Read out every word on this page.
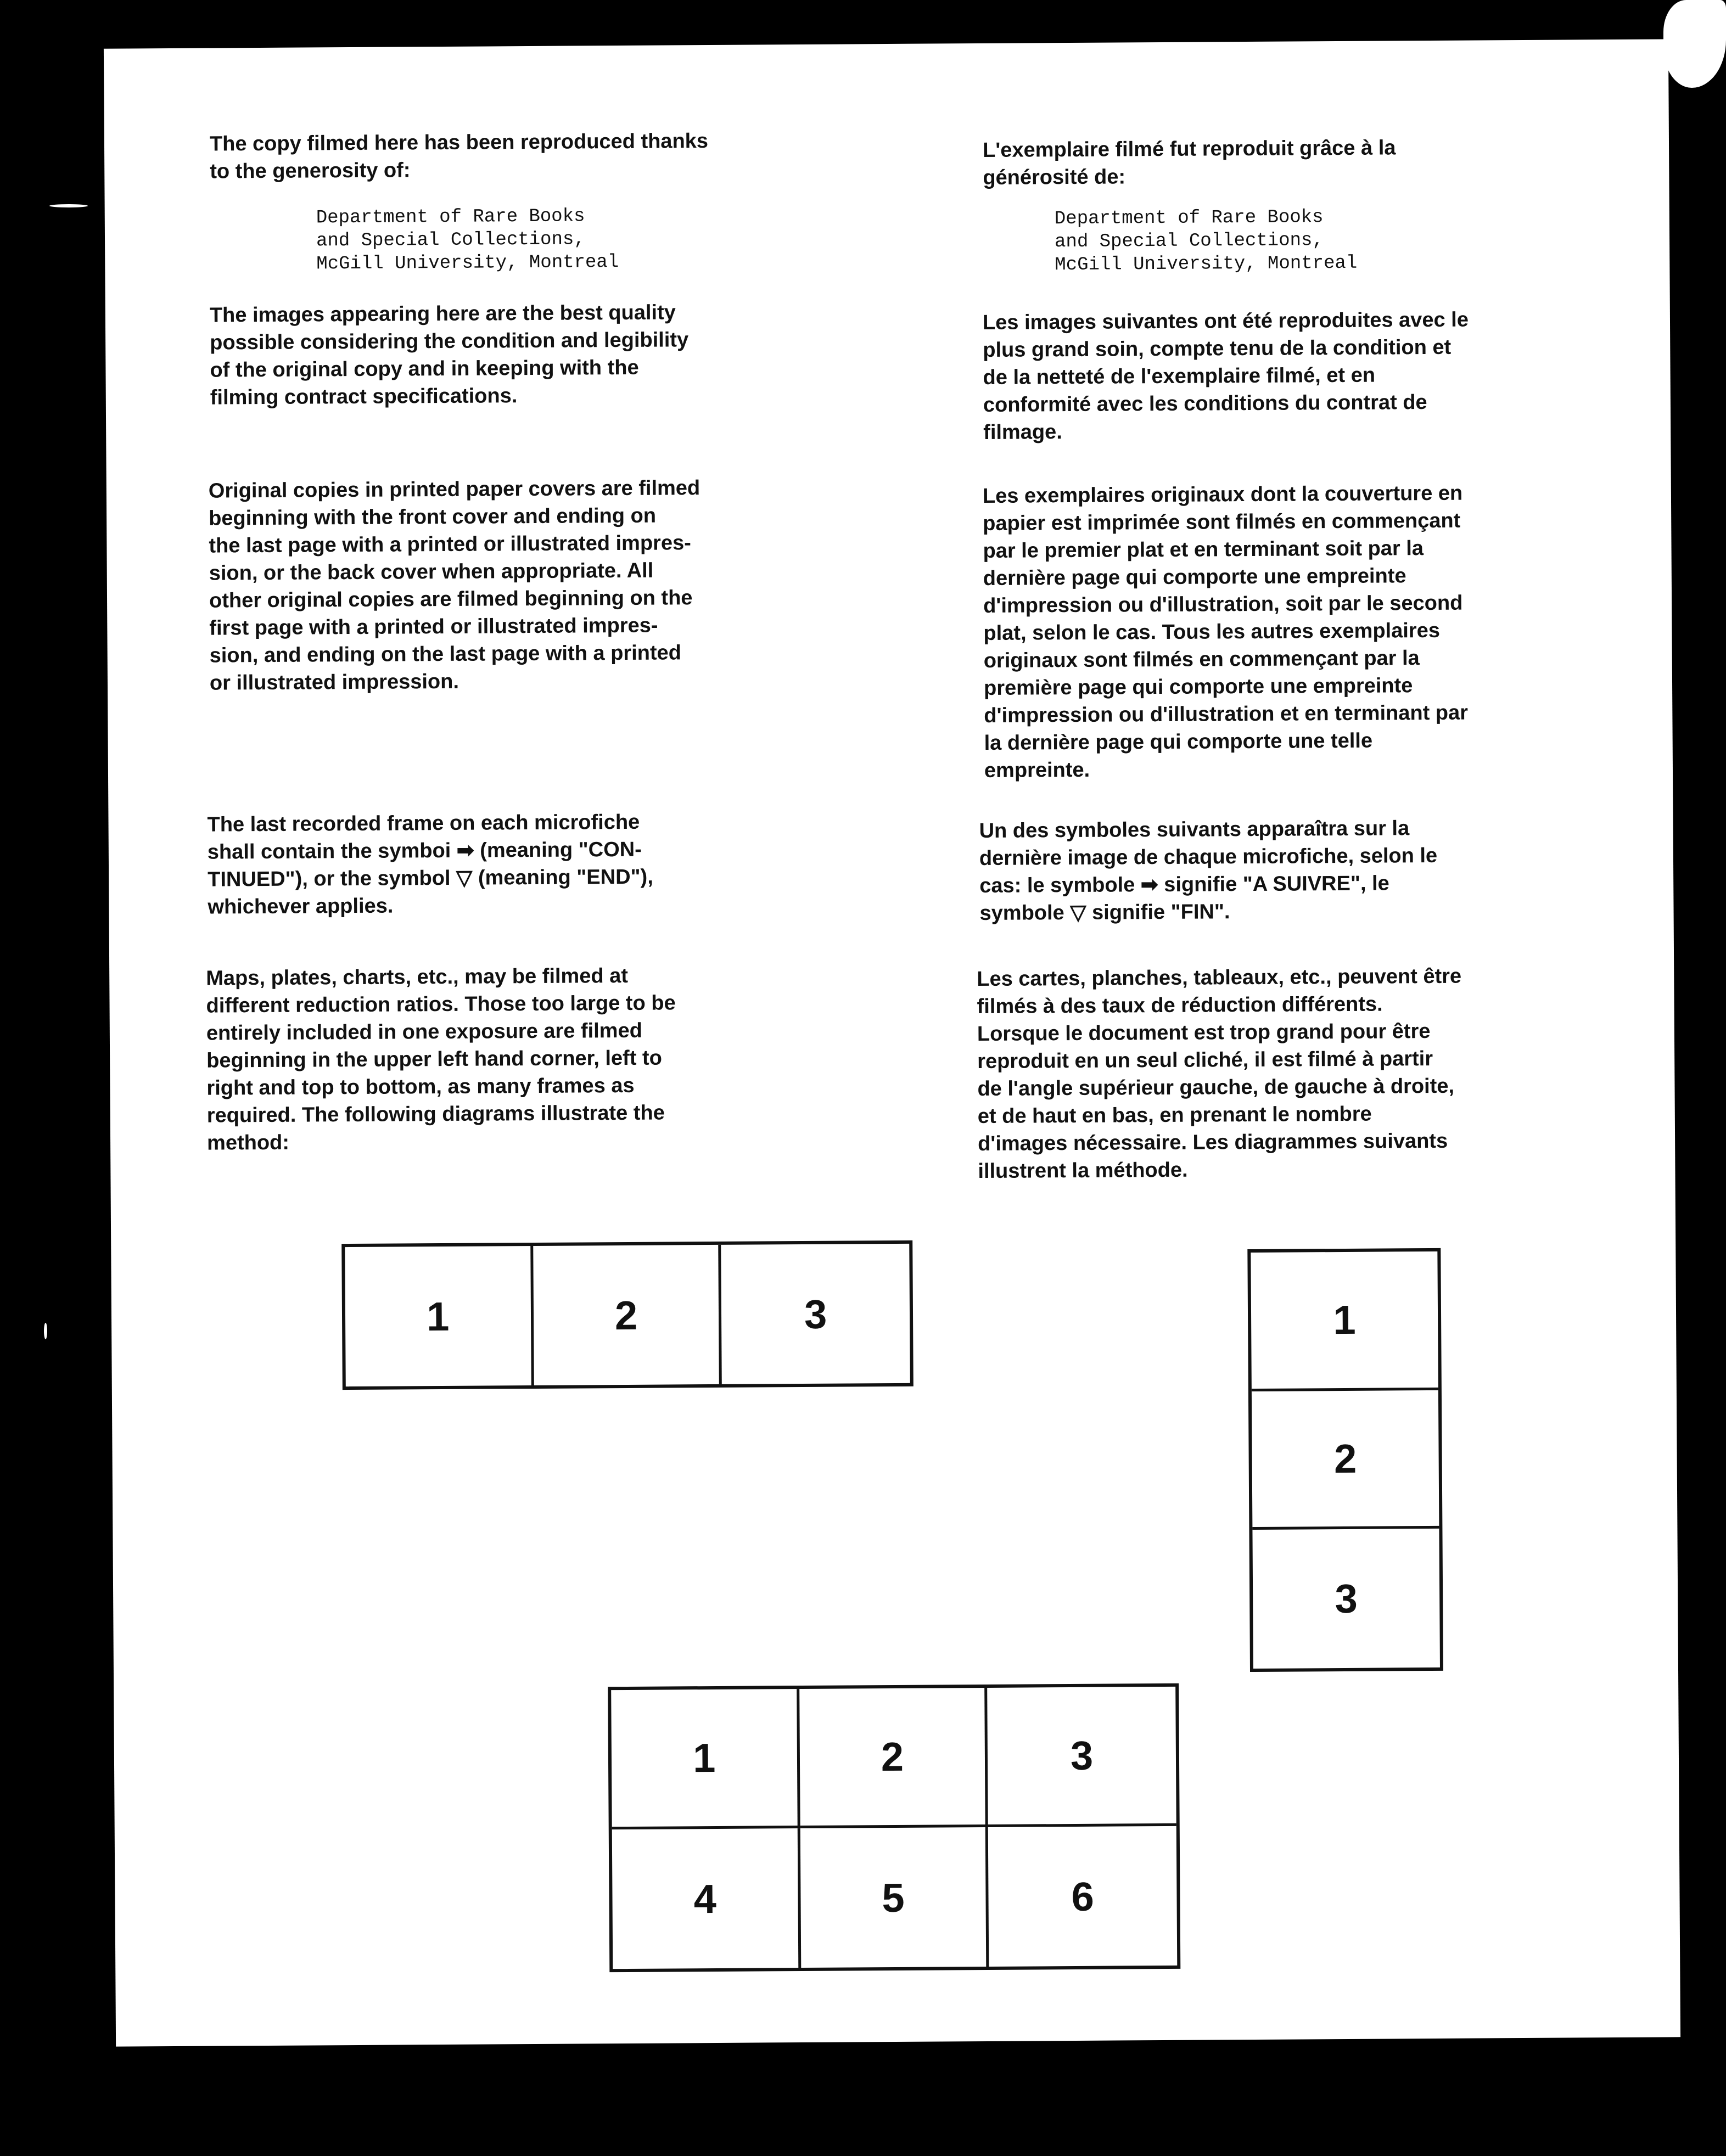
The copy filmed here has been reproduced thanks
to the generosity of:

Department of Rare Books
and Special Collections,
McGill University, Montreal

The images appearing here are the best quality
possible considering the condition and legibility
of the original copy and in keeping with the
filming contract specifications.

Original copies in printed paper covers are filmed
beginning with the front cover and ending on
the last page with a printed or illustrated impres-
sion, or the back cover when appropriate. All
other original copies are filmed beginning on the
first page with a printed or illustrated impres-
sion, and ending on the last page with a printed
or illustrated impression.

The last recorded frame on each microfiche
shall contain the symboi ➡ (meaning "CON-
TINUED"), or the symbol ▽ (meaning "END"),
whichever applies.

Maps, plates, charts, etc., may be filmed at
different reduction ratios. Those too large to be
entirely included in one exposure are filmed
beginning in the upper left hand corner, left to
right and top to bottom, as many frames as
required. The following diagrams illustrate the
method:

L'exemplaire filmé fut reproduit grâce à la
générosité de:

Department of Rare Books
and Special Collections,
McGill University, Montreal

Les images suivantes ont été reproduites avec le
plus grand soin, compte tenu de la condition et
de la netteté de l'exemplaire filmé, et en
conformité avec les conditions du contrat de
filmage.

Les exemplaires originaux dont la couverture en
papier est imprimée sont filmés en commençant
par le premier plat et en terminant soit par la
dernière page qui comporte une empreinte
d'impression ou d'illustration, soit par le second
plat, selon le cas. Tous les autres exemplaires
originaux sont filmés en commençant par la
première page qui comporte une empreinte
d'impression ou d'illustration et en terminant par
la dernière page qui comporte une telle
empreinte.

Un des symboles suivants apparaîtra sur la
dernière image de chaque microfiche, selon le
cas: le symbole ➡ signifie "A SUIVRE", le
symbole ▽ signifie "FIN".

Les cartes, planches, tableaux, etc., peuvent être
filmés à des taux de réduction différents.
Lorsque le document est trop grand pour être
reproduit en un seul cliché, il est filmé à partir
de l'angle supérieur gauche, de gauche à droite,
et de haut en bas, en prenant le nombre
d'images nécessaire. Les diagrammes suivants
illustrent la méthode.

1	2	3	1
2
3
1	2	3
4	5	6
